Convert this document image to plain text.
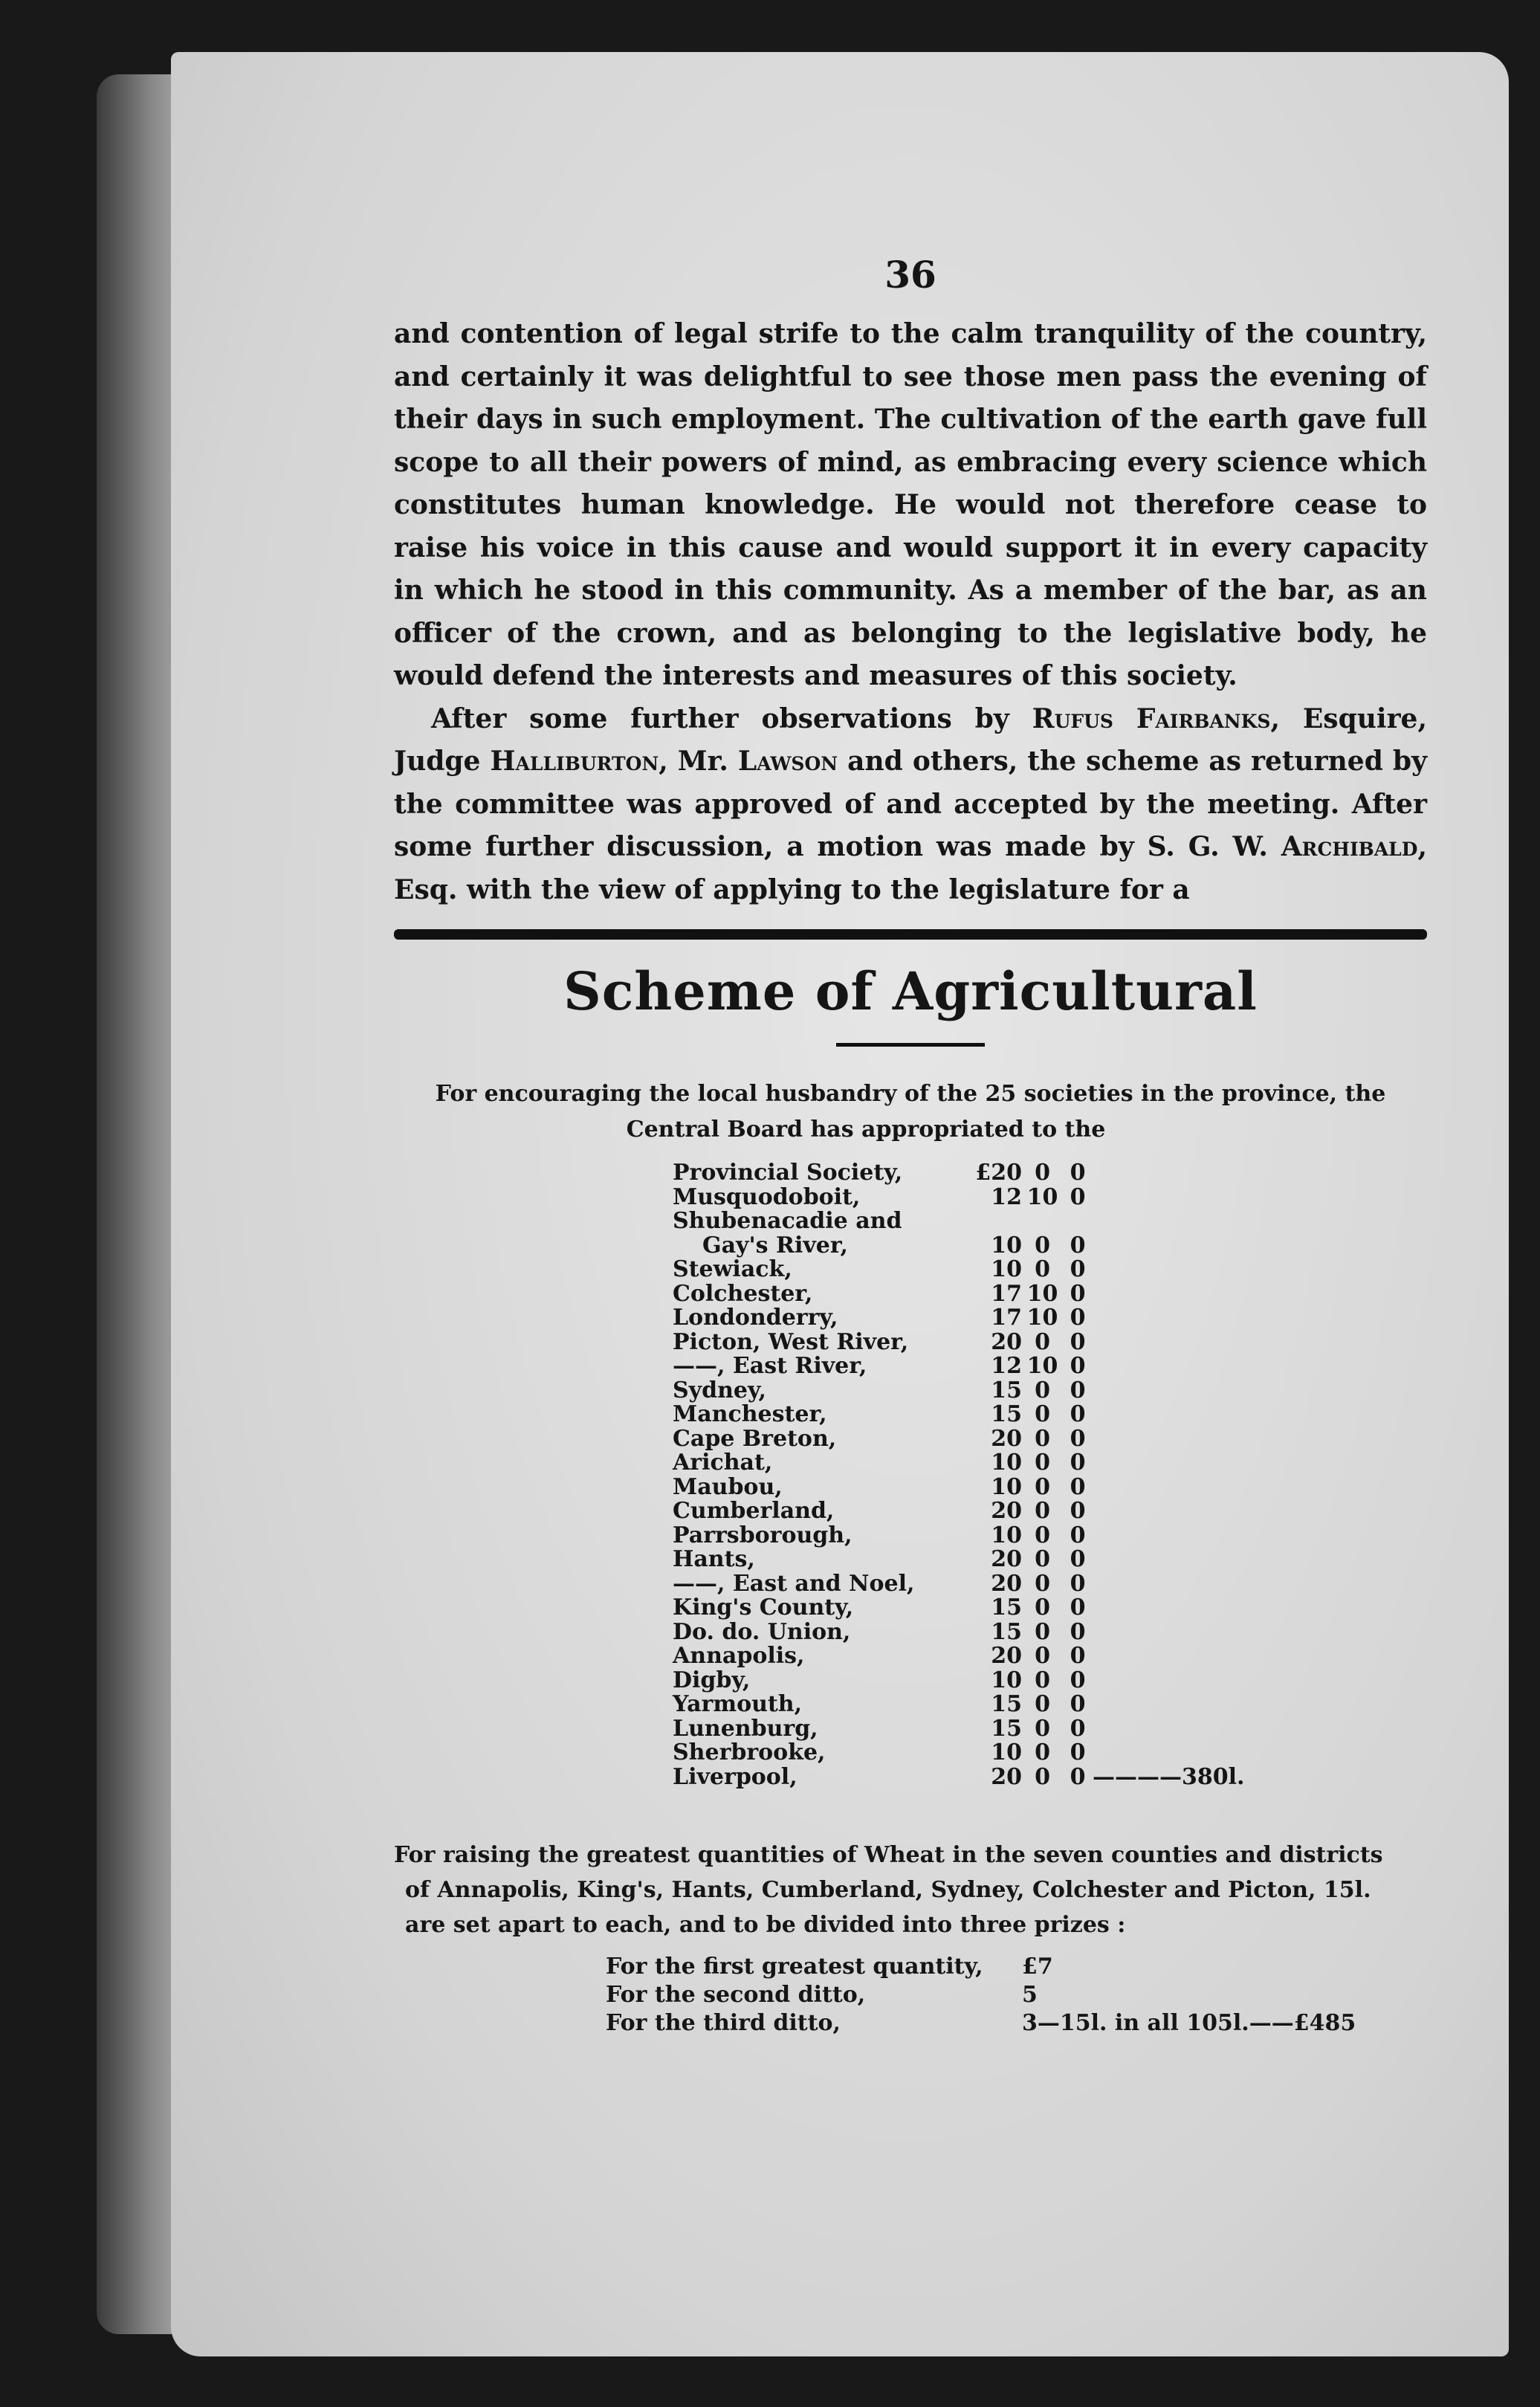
36

and contention of legal strife to the calm tranquility of the country, and certainly it was delightful to see those men pass the evening of their days in such employment. The cultivation of the earth gave full scope to all their powers of mind, as embracing every science which constitutes human knowledge. He would not therefore cease to raise his voice in this cause and would support it in every capacity in which he stood in this community. As a member of the bar, as an officer of the crown, and as belonging to the legislative body, he would defend the interests and measures of this society.

After some further observations by Rufus Fairbanks, Esquire, Judge Halliburton, Mr. Lawson and others, the scheme as returned by the committee was approved of and accepted by the meeting. After some further discussion, a motion was made by S. G. W. Archibald, Esq. with the view of applying to the legislature for a

Scheme of Agricultural
For encouraging the local husbandry of the 25 societies in the province, the
Central Board has appropriated to the
Provincial Society,	£20	0	0	
Musquodoboit,	12	10	0	
Shubenacadie and				
Gay's River,	10	0	0	
Stewiack,	10	0	0	
Colchester,	17	10	0	
Londonderry,	17	10	0	
Picton, West River,	20	0	0	
——, East River,	12	10	0	
Sydney,	15	0	0	
Manchester,	15	0	0	
Cape Breton,	20	0	0	
Arichat,	10	0	0	
Maubou,	10	0	0	
Cumberland,	20	0	0	
Parrsborough,	10	0	0	
Hants,	20	0	0	
——, East and Noel,	20	0	0	
King's County,	15	0	0	
Do. do. Union,	15	0	0	
Annapolis,	20	0	0	
Digby,	10	0	0	
Yarmouth,	15	0	0	
Lunenburg,	15	0	0	
Sherbrooke,	10	0	0	
Liverpool,	20	0	0	————380l.

For raising the greatest quantities of Wheat in the seven counties and districts

of Annapolis, King's, Hants, Cumberland, Sydney, Colchester and Picton, 15l.

are set apart to each, and to be divided into three prizes :

For the first greatest quantity,	£7
For the second ditto,	5
For the third ditto,	3—15l. in all 105l.——£485
